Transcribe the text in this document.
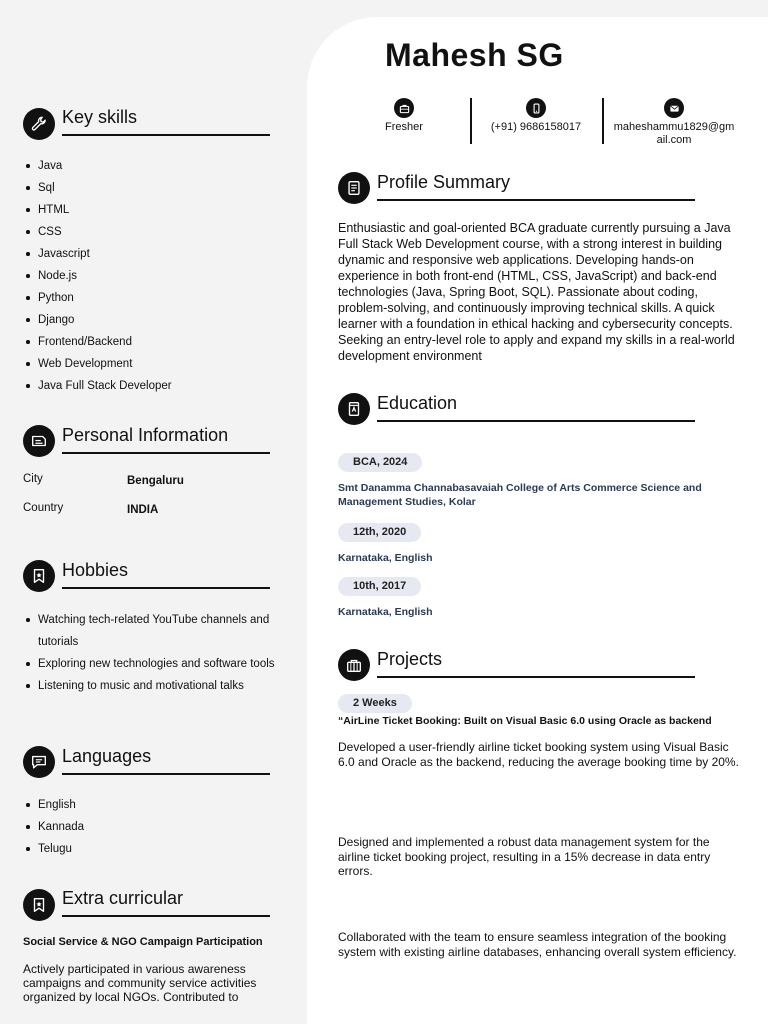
Mahesh SG
Fresher	(+91) 9686158017	maheshammu1829@gmail.com
Key skills
Java
Sql
HTML
CSS
Javascript
Node.js
Python
Django
Frontend/Backend
Web Development
Java Full Stack Developer
Personal Information
City	Bengaluru
Country	INDIA
Hobbies
Watching tech-related YouTube channels and tutorials
Exploring new technologies and software tools
Listening to music and motivational talks
Languages
English
Kannada
Telugu
Extra curricular
Social Service & NGO Campaign Participation

Actively participated in various awareness campaigns and community service activities organized by local NGOs. Contributed to

Profile Summary

Enthusiastic and goal-oriented BCA graduate currently pursuing a Java Full Stack Web Development course, with a strong interest in building dynamic and responsive web applications. Developing hands-on experience in both front-end (HTML, CSS, JavaScript) and back-end technologies (Java, Spring Boot, SQL). Passionate about coding, problem-solving, and continuously improving technical skills. A quick learner with a foundation in ethical hacking and cybersecurity concepts. Seeking an entry-level role to apply and expand my skills in a real-world development environment

Education
BCA, 2024

Smt Danamma Channabasavaiah College of Arts Commerce Science and Management Studies, Kolar

12th, 2020

Karnataka, English

10th, 2017

Karnataka, English

Projects
2 Weeks
“AirLine Ticket Booking: Built on Visual Basic 6.0 using Oracle as backend

Developed a user-friendly airline ticket booking system using Visual Basic 6.0 and Oracle as the backend, reducing the average booking time by 20%.

Designed and implemented a robust data management system for the airline ticket booking project, resulting in a 15% decrease in data entry errors.

Collaborated with the team to ensure seamless integration of the booking system with existing airline databases, enhancing overall system efficiency.
